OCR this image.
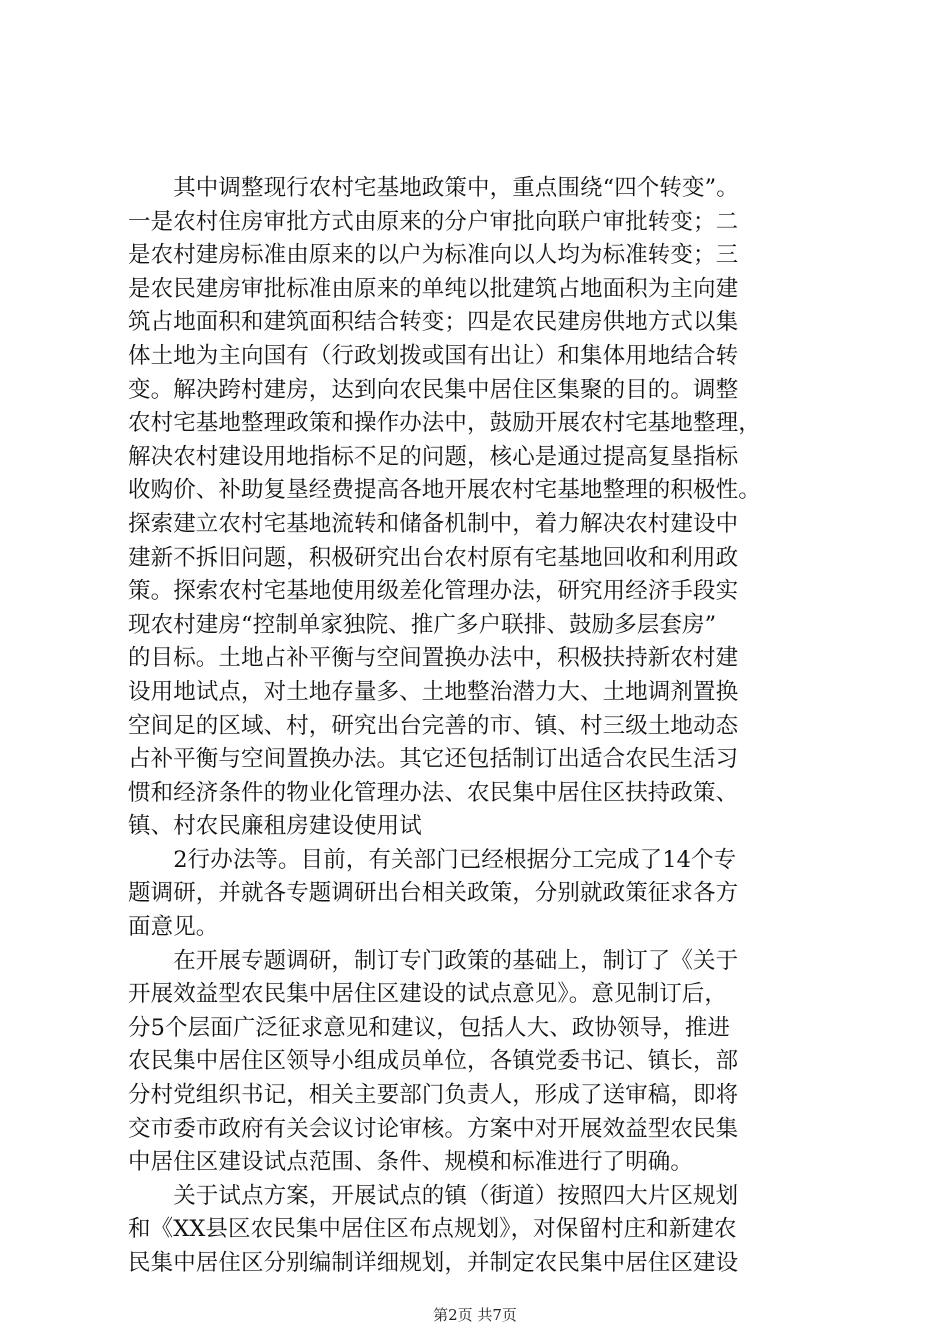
　　其中调整现行农村宅基地政策中，重点围绕“四个转变”。
一是农村住房审批方式由原来的分户审批向联户审批转变；二
是农村建房标准由原来的以户为标准向以人均为标准转变；三
是农民建房审批标准由原来的单纯以批建筑占地面积为主向建
筑占地面积和建筑面积结合转变；四是农民建房供地方式以集
体土地为主向国有（行政划拨或国有出让）和集体用地结合转
变。解决跨村建房，达到向农民集中居住区集聚的目的。调整
农村宅基地整理政策和操作办法中，鼓励开展农村宅基地整理，
解决农村建设用地指标不足的问题，核心是通过提高复垦指标
收购价、补助复垦经费提高各地开展农村宅基地整理的积极性。
探索建立农村宅基地流转和储备机制中，着力解决农村建设中
建新不拆旧问题，积极研究出台农村原有宅基地回收和利用政
策。探索农村宅基地使用级差化管理办法，研究用经济手段实
现农村建房“控制单家独院、推广多户联排、鼓励多层套房”
的目标。土地占补平衡与空间置换办法中，积极扶持新农村建
设用地试点，对土地存量多、土地整治潜力大、土地调剂置换
空间足的区域、村，研究出台完善的市、镇、村三级土地动态
占补平衡与空间置换办法。其它还包括制订出适合农民生活习
惯和经济条件的物业化管理办法、农民集中居住区扶持政策、
镇、村农民廉租房建设使用试
　　2行办法等。目前，有关部门已经根据分工完成了14个专
题调研，并就各专题调研出台相关政策，分别就政策征求各方
面意见。
　　在开展专题调研，制订专门政策的基础上，制订了《关于
开展效益型农民集中居住区建设的试点意见》。意见制订后，
分5个层面广泛征求意见和建议，包括人大、政协领导，推进
农民集中居住区领导小组成员单位，各镇党委书记、镇长，部
分村党组织书记，相关主要部门负责人，形成了送审稿，即将
交市委市政府有关会议讨论审核。方案中对开展效益型农民集
中居住区建设试点范围、条件、规模和标准进行了明确。
　　关于试点方案，开展试点的镇（街道）按照四大片区规划
和《XX县区农民集中居住区布点规划》，对保留村庄和新建农
民集中居住区分别编制详细规划，并制定农民集中居住区建设
第2页 共7页
